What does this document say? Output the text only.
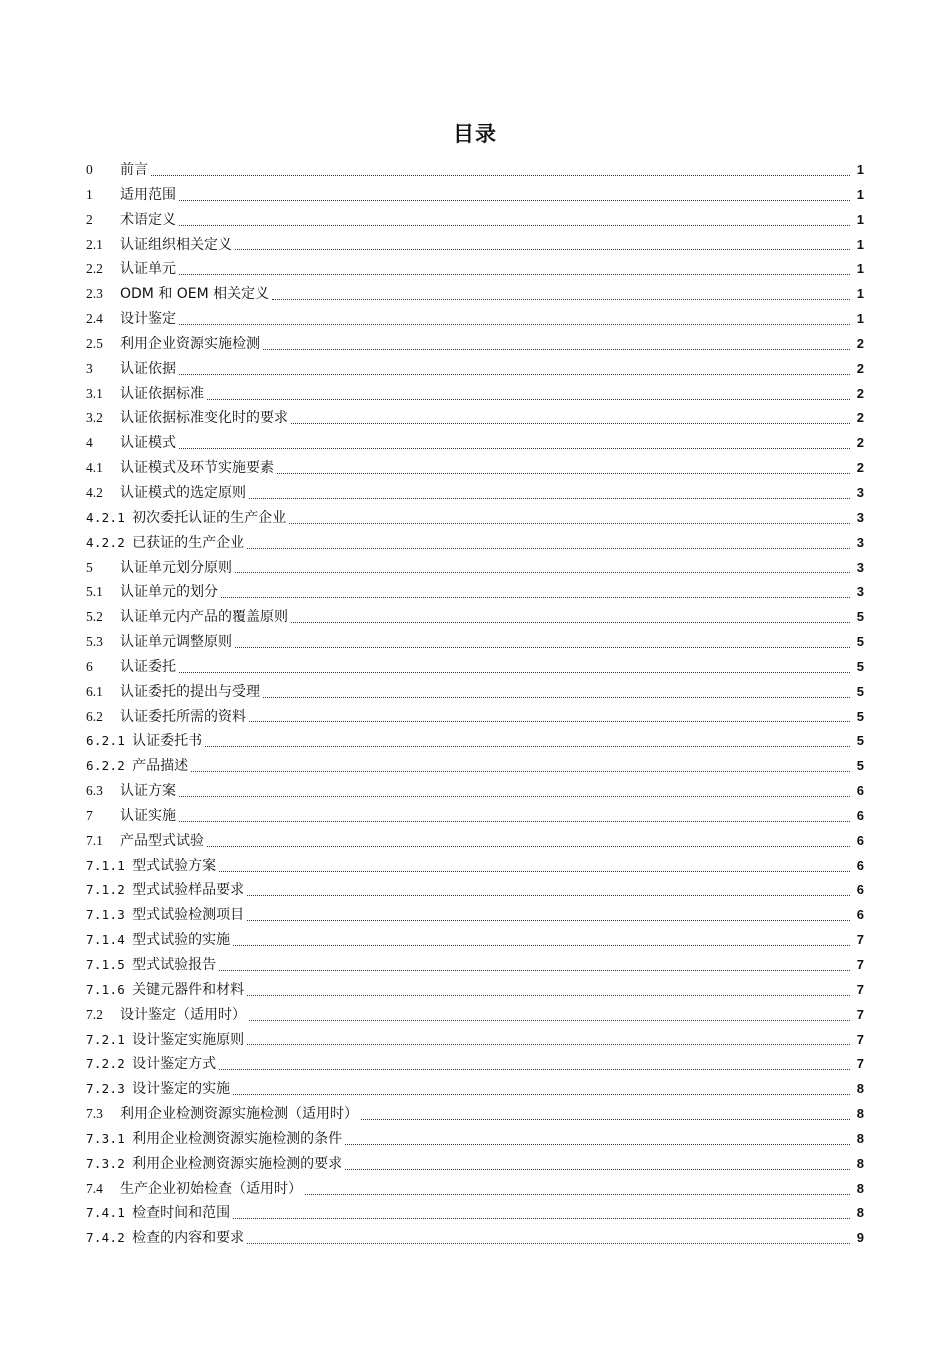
目录
0	前言	1
1	适用范围	1
2	术语定义	1
2.1	认证组织相关定义	1
2.2	认证单元	1
2.3	ODM 和 OEM 相关定义	1
2.4	设计鉴定	1
2.5	利用企业资源实施检测	2
3	认证依据	2
3.1	认证依据标准	2
3.2	认证依据标准变化时的要求	2
4	认证模式	2
4.1	认证模式及环节实施要素	2
4.2	认证模式的选定原则	3
4.2.1 初次委托认证的生产企业	3
4.2.2 已获证的生产企业	3
5	认证单元划分原则	3
5.1	认证单元的划分	3
5.2	认证单元内产品的覆盖原则	5
5.3	认证单元调整原则	5
6	认证委托	5
6.1	认证委托的提出与受理	5
6.2	认证委托所需的资料	5
6.2.1 认证委托书	5
6.2.2 产品描述	5
6.3	认证方案	6
7	认证实施	6
7.1	产品型式试验	6
7.1.1 型式试验方案	6
7.1.2 型式试验样品要求	6
7.1.3 型式试验检测项目	6
7.1.4 型式试验的实施	7
7.1.5 型式试验报告	7
7.1.6 关键元器件和材料	7
7.2	设计鉴定（适用时）	7
7.2.1 设计鉴定实施原则	7
7.2.2 设计鉴定方式	7
7.2.3 设计鉴定的实施	8
7.3	利用企业检测资源实施检测（适用时）	8
7.3.1 利用企业检测资源实施检测的条件	8
7.3.2 利用企业检测资源实施检测的要求	8
7.4	生产企业初始检查（适用时）	8
7.4.1 检查时间和范围	8
7.4.2 检查的内容和要求	9
